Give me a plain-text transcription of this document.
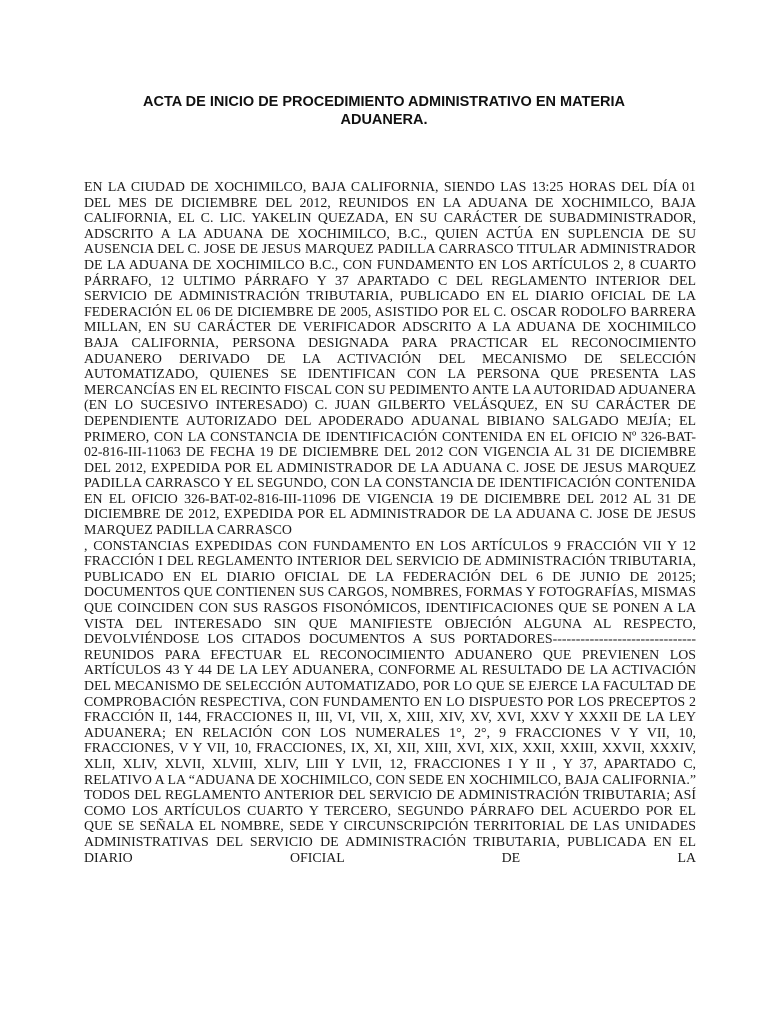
ACTA DE INICIO DE PROCEDIMIENTO ADMINISTRATIVO EN MATERIA ADUANERA.

EN LA CIUDAD DE XOCHIMILCO, BAJA CALIFORNIA, SIENDO LAS 13:25 HORAS DEL DÍA 01 DEL MES DE DICIEMBRE DEL 2012, REUNIDOS EN LA ADUANA DE XOCHIMILCO, BAJA CALIFORNIA, EL C. LIC. YAKELIN QUEZADA, EN SU CARÁCTER DE SUBADMINISTRADOR, ADSCRITO A LA ADUANA DE XOCHIMILCO, B.C., QUIEN ACTÚA EN SUPLENCIA DE SU AUSENCIA DEL C. JOSE DE JESUS MARQUEZ PADILLA CARRASCO TITULAR ADMINISTRADOR DE LA ADUANA DE XOCHIMILCO B.C., CON FUNDAMENTO EN LOS ARTÍCULOS 2, 8 CUARTO PÁRRAFO, 12 ULTIMO PÁRRAFO Y 37 APARTADO C DEL REGLAMENTO INTERIOR DEL SERVICIO DE ADMINISTRACIÓN TRIBUTARIA, PUBLICADO EN EL DIARIO OFICIAL DE LA FEDERACIÓN EL 06 DE DICIEMBRE DE 2005, ASISTIDO POR EL C. OSCAR RODOLFO BARRERA MILLAN, EN SU CARÁCTER DE VERIFICADOR ADSCRITO A LA ADUANA DE XOCHIMILCO BAJA CALIFORNIA, PERSONA DESIGNADA PARA PRACTICAR EL RECONOCIMIENTO ADUANERO DERIVADO DE LA ACTIVACIÓN DEL MECANISMO DE SELECCIÓN AUTOMATIZADO, QUIENES SE IDENTIFICAN CON LA PERSONA QUE PRESENTA LAS MERCANCÍAS EN EL RECINTO FISCAL CON SU PEDIMENTO ANTE LA AUTORIDAD ADUANERA (EN LO SUCESIVO INTERESADO) C. JUAN GILBERTO VELÁSQUEZ, EN SU CARÁCTER DE DEPENDIENTE AUTORIZADO DEL APODERADO ADUANAL BIBIANO SALGADO MEJÍA; EL PRIMERO, CON LA CONSTANCIA DE IDENTIFICACIÓN CONTENIDA EN EL OFICIO Nº 326-BAT-02-816-III-11063 DE FECHA 19 DE DICIEMBRE DEL 2012 CON VIGENCIA AL 31 DE DICIEMBRE DEL 2012, EXPEDIDA POR EL ADMINISTRADOR DE LA ADUANA C. JOSE DE JESUS MARQUEZ PADILLA CARRASCO Y EL SEGUNDO, CON LA CONSTANCIA DE IDENTIFICACIÓN CONTENIDA EN EL OFICIO 326-BAT-02-816-III-11096 DE VIGENCIA 19 DE DICIEMBRE DEL 2012 AL 31 DE DICIEMBRE DE 2012, EXPEDIDA POR EL ADMINISTRADOR DE LA ADUANA C. JOSE DE JESUS MARQUEZ PADILLA CARRASCO

, CONSTANCIAS EXPEDIDAS CON FUNDAMENTO EN LOS ARTÍCULOS 9 FRACCIÓN VII Y 12 FRACCIÓN I DEL REGLAMENTO INTERIOR DEL SERVICIO DE ADMINISTRACIÓN TRIBUTARIA, PUBLICADO EN EL DIARIO OFICIAL DE LA FEDERACIÓN DEL 6 DE JUNIO DE 20125; DOCUMENTOS QUE CONTIENEN SUS CARGOS, NOMBRES, FORMAS Y FOTOGRAFÍAS, MISMAS QUE COINCIDEN CON SUS RASGOS FISONÓMICOS, IDENTIFICACIONES QUE SE PONEN A LA VISTA DEL INTERESADO SIN QUE MANIFIESTE OBJECIÓN ALGUNA AL RESPECTO, DEVOLVIÉNDOSE LOS CITADOS DOCUMENTOS A SUS PORTADORES-------------------------------REUNIDOS PARA EFECTUAR EL RECONOCIMIENTO ADUANERO QUE PREVIENEN LOS ARTÍCULOS 43 Y 44 DE LA LEY ADUANERA, CONFORME AL RESULTADO DE LA ACTIVACIÓN DEL MECANISMO DE SELECCIÓN AUTOMATIZADO, POR LO QUE SE EJERCE LA FACULTAD DE COMPROBACIÓN RESPECTIVA, CON FUNDAMENTO EN LO DISPUESTO POR LOS PRECEPTOS 2

FRACCIÓN II, 144, FRACCIONES II, III, VI, VII, X, XIII, XIV, XV, XVI, XXV Y XXXII DE LA LEY ADUANERA; EN RELACIÓN CON LOS NUMERALES 1°, 2°, 9 FRACCIONES V Y VII, 10, FRACCIONES, V Y VII, 10, FRACCIONES, IX, XI, XII, XIII, XVI, XIX, XXII, XXIII, XXVII, XXXIV, XLII, XLIV, XLVII, XLVIII, XLIV, LIII Y LVII, 12, FRACCIONES I Y II , Y 37, APARTADO C, RELATIVO A LA “ADUANA DE XOCHIMILCO, CON SEDE EN XOCHIMILCO, BAJA CALIFORNIA.” TODOS DEL REGLAMENTO ANTERIOR DEL SERVICIO DE ADMINISTRACIÓN TRIBUTARIA; ASÍ COMO LOS ARTÍCULOS CUARTO Y TERCERO, SEGUNDO PÁRRAFO DEL ACUERDO POR EL QUE SE SEÑALA EL NOMBRE, SEDE Y CIRCUNSCRIPCIÓN TERRITORIAL DE LAS UNIDADES ADMINISTRATIVAS DEL SERVICIO DE ADMINISTRACIÓN TRIBUTARIA, PUBLICADA EN EL DIARIO OFICIAL DE LA
